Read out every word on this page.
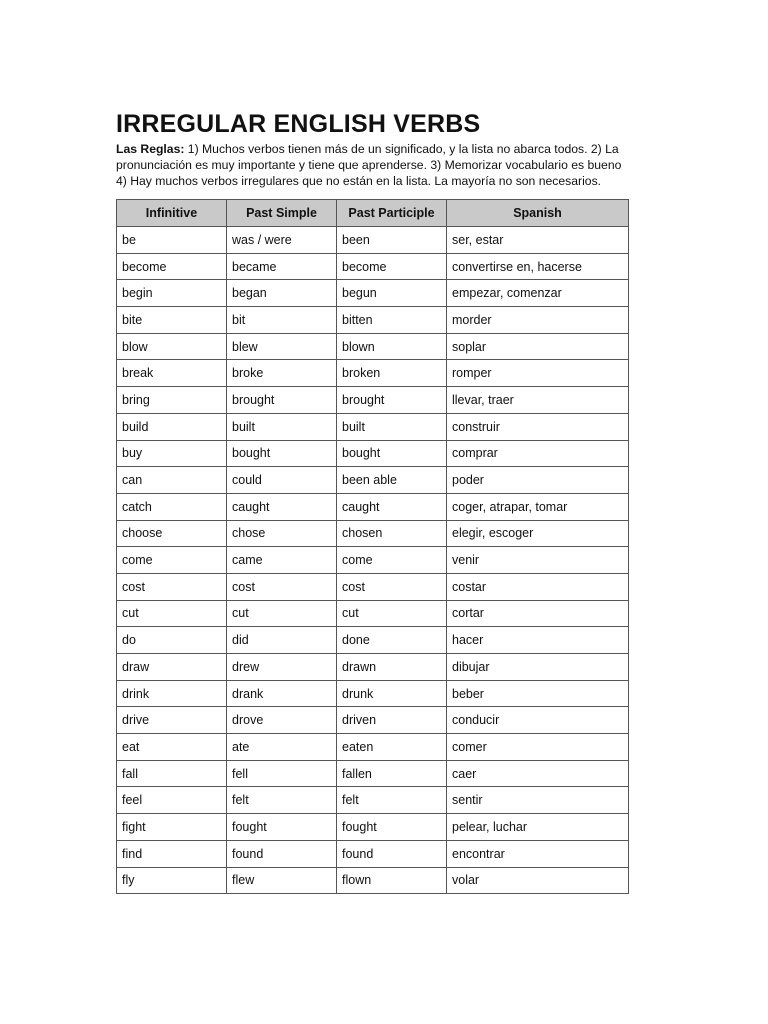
IRREGULAR ENGLISH VERBS

Las Reglas: 1) Muchos verbos tienen más de un significado, y la lista no abarca todos. 2) La pronunciación es muy importante y tiene que aprenderse. 3) Memorizar vocabulario es bueno 4) Hay muchos verbos irregulares que no están en la lista. La mayoría no son necesarios.

Infinitive	Past Simple	Past Participle	Spanish
be	was / were	been	ser, estar
become	became	become	convertirse en, hacerse
begin	began	begun	empezar, comenzar
bite	bit	bitten	morder
blow	blew	blown	soplar
break	broke	broken	romper
bring	brought	brought	llevar, traer
build	built	built	construir
buy	bought	bought	comprar
can	could	been able	poder
catch	caught	caught	coger, atrapar, tomar
choose	chose	chosen	elegir, escoger
come	came	come	venir
cost	cost	cost	costar
cut	cut	cut	cortar
do	did	done	hacer
draw	drew	drawn	dibujar
drink	drank	drunk	beber
drive	drove	driven	conducir
eat	ate	eaten	comer
fall	fell	fallen	caer
feel	felt	felt	sentir
fight	fought	fought	pelear, luchar
find	found	found	encontrar
fly	flew	flown	volar
